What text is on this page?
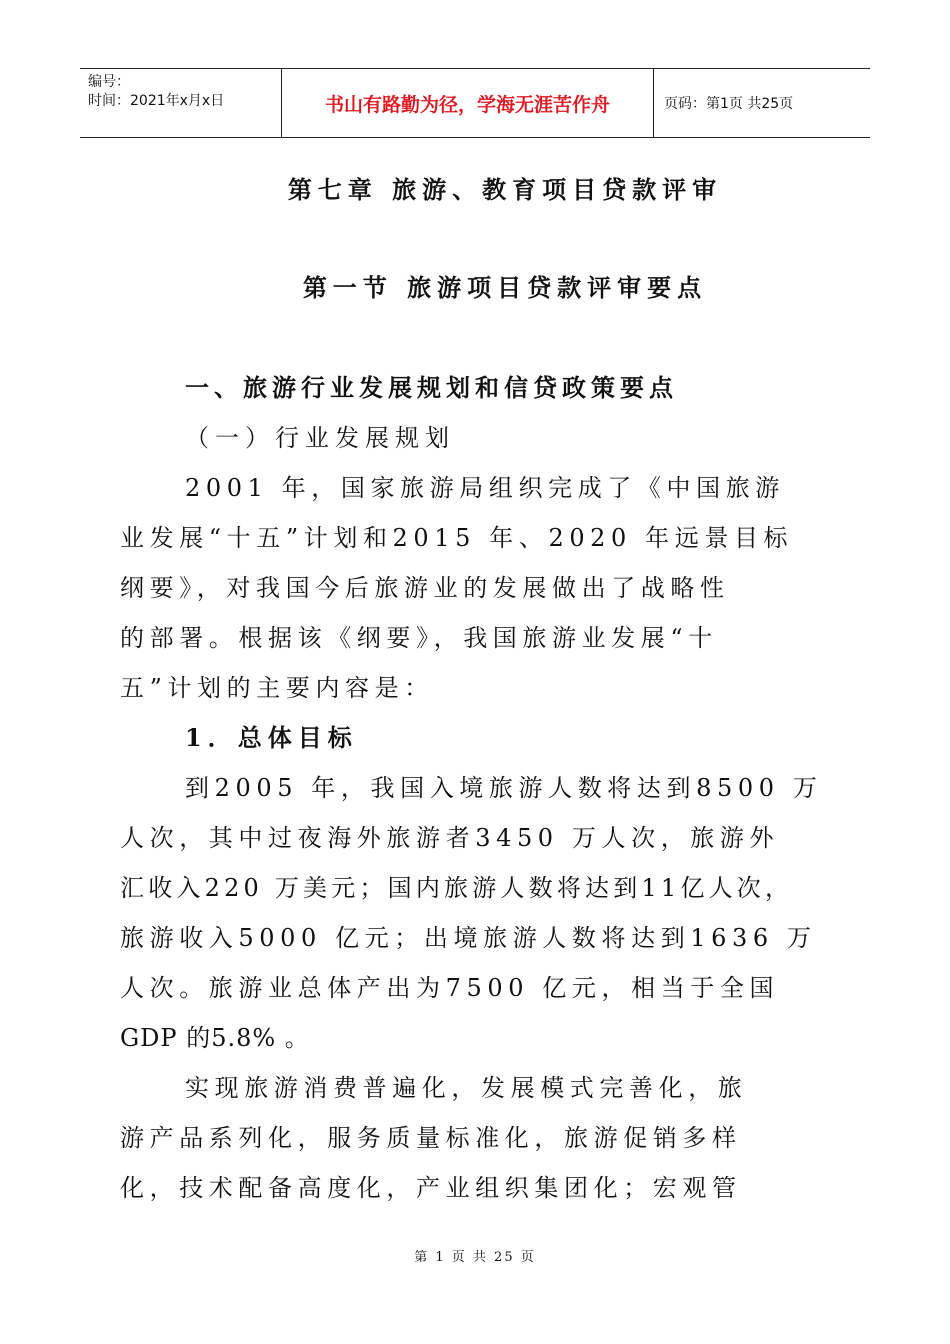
编号：
时间：2021年x月x日	书山有路勤为径，学海无涯苦作舟	页码：第1页 共25页
第七章 旅游、教育项目贷款评审
第一节 旅游项目贷款评审要点
一、旅游行业发展规划和信贷政策要点
（一）行业发展规划
2001 年，国家旅游局组织完成了《中国旅游
业发展“十五”计划和2015 年、2020 年远景目标
纲要》，对我国今后旅游业的发展做出了战略性
的部署。根据该《纲要》，我国旅游业发展“十
五”计划的主要内容是：
1．总体目标
到2005 年，我国入境旅游人数将达到8500 万
人次，其中过夜海外旅游者3450 万人次，旅游外
汇收入220 万美元；国内旅游人数将达到11亿人次，
旅游收入5000 亿元；出境旅游人数将达到1636 万
人次。旅游业总体产出为7500 亿元，相当于全国
GDP 的5.8% 。
实现旅游消费普遍化，发展模式完善化，旅
游产品系列化，服务质量标准化，旅游促销多样
化，技术配备高度化，产业组织集团化；宏观管
第 1 页 共 25 页
